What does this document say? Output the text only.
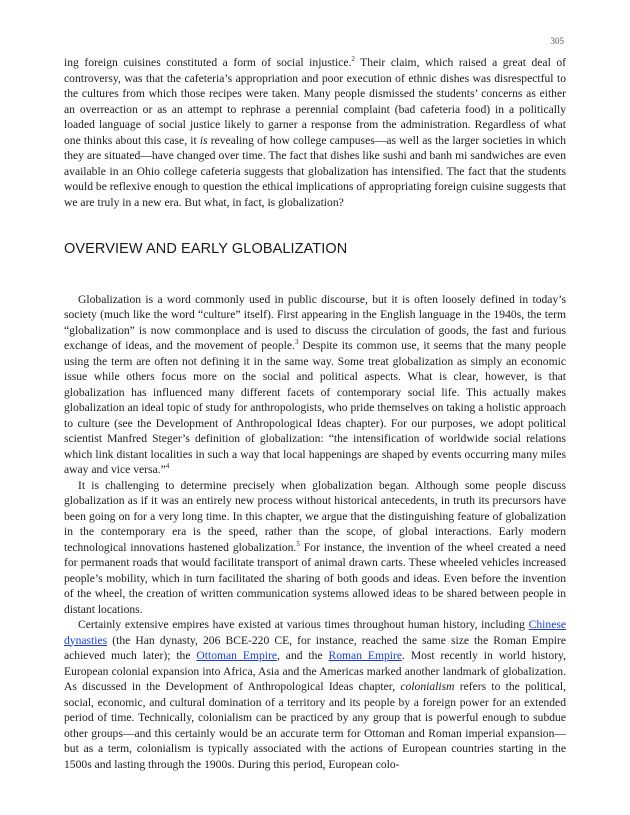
305

ing foreign cuisines constituted a form of social injustice.$^2$ Their claim, which raised a great deal of controversy, was that the cafeteria’s appropriation and poor execution of ethnic dishes was disrespectful to the cultures from which those recipes were taken. Many people dismissed the students’ concerns as either an overreaction or as an attempt to rephrase a perennial complaint (bad cafeteria food) in a politically loaded language of social justice likely to garner a response from the administration. Regardless of what one thinks about this case, it is revealing of how college campuses—as well as the larger societies in which they are situated—have changed over time. The fact that dishes like sushi and banh mi sandwiches are even available in an Ohio college cafeteria suggests that globalization has intensified. The fact that the students would be reflexive enough to question the ethical implications of appropriating foreign cuisine suggests that we are truly in a new era. But what, in fact, is globalization?

OVERVIEW AND EARLY GLOBALIZATION

Globalization is a word commonly used in public discourse, but it is often loosely defined in today’s society (much like the word “culture” itself). First appearing in the English language in the 1940s, the term “globalization” is now commonplace and is used to discuss the circulation of goods, the fast and furious exchange of ideas, and the movement of people.$^3$ Despite its common use, it seems that the many people using the term are often not defining it in the same way. Some treat globalization as simply an economic issue while others focus more on the social and political aspects. What is clear, however, is that globalization has influenced many different facets of contemporary social life. This actually makes globalization an ideal topic of study for anthropologists, who pride themselves on taking a holistic approach to culture (see the Development of Anthropological Ideas chapter). For our purposes, we adopt political scientist Manfred Steger’s definition of globalization: “the intensification of worldwide social relations which link distant localities in such a way that local happenings are shaped by events occurring many miles away and vice versa.”$^4$

It is challenging to determine precisely when globalization began. Although some people discuss globalization as if it was an entirely new process without historical antecedents, in truth its precursors have been going on for a very long time. In this chapter, we argue that the distinguishing feature of globalization in the contemporary era is the speed, rather than the scope, of global interactions. Early modern technological innovations hastened globalization.$^5$ For instance, the invention of the wheel created a need for permanent roads that would facilitate transport of animal drawn carts. These wheeled vehicles increased people’s mobility, which in turn facilitated the sharing of both goods and ideas. Even before the invention of the wheel, the creation of written communication systems allowed ideas to be shared between people in distant locations.

Certainly extensive empires have existed at various times throughout human history, including Chinese dynasties (the Han dynasty, 206 BCE-220 CE, for instance, reached the same size the Roman Empire achieved much later); the Ottoman Empire, and the Roman Empire. Most recently in world history, European colonial expansion into Africa, Asia and the Americas marked another landmark of globalization. As discussed in the Development of Anthropological Ideas chapter, colonialism refers to the political, social, economic, and cultural domination of a territory and its people by a foreign power for an extended period of time. Technically, colonialism can be practiced by any group that is powerful enough to subdue other groups—and this certainly would be an accurate term for Ottoman and Roman imperial expansion—but as a term, colonialism is typically associated with the actions of European countries starting in the 1500s and lasting through the 1900s. During this period, European colo-
